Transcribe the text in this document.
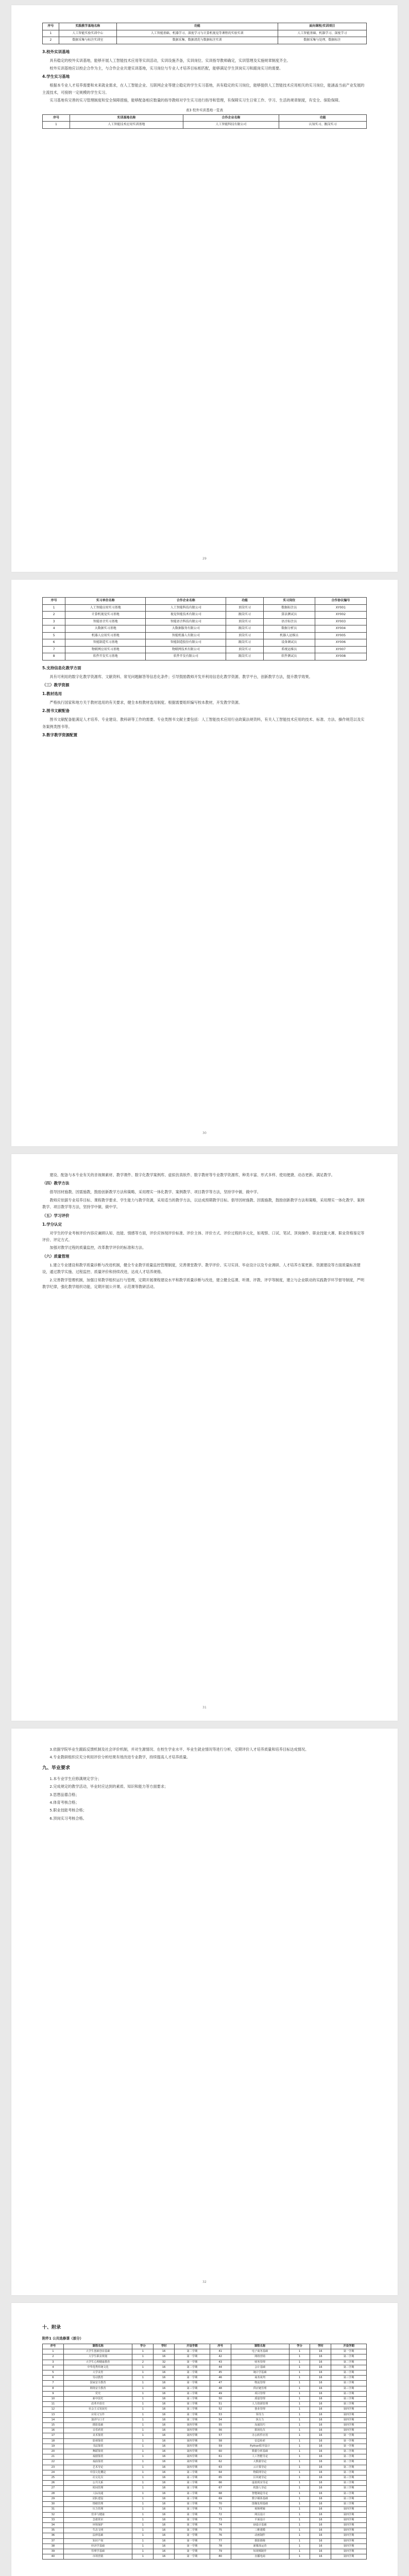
序号	实践教学基地名称	功能	面向课程/实训项目
1	人工智能实验实训中心	人工智能基础、机器学习、深度学习与计算机视觉等课程的实验实训	人工智能基础、机器学习、深度学习
2	数据采集与标注实训室	数据采集、数据清洗与数据标注实训	数据采集与处理、数据标注
3.校外实训基地

具有稳定的校外实训基地，能够开展人工智能技术应用等实训活动，实训设施齐备，实训岗位、实训指导教师确定，实训管理及实施规章制度齐全。

校外实训基地应以校企合作为主，与合作企业共建实训基地，实习岗位与专业人才培养目标相匹配，能够满足学生顶岗实习和跟岗实习的需要。

4.学生实习基地

根据本专业人才培养需要和未来就业需求，在人工智能企业、互联网企业等建立稳定的学生实习基地，具有稳定的实习岗位，能够提供人工智能技术应用相关的实习岗位，能涵盖当前产业发展的主流技术，可接纳一定规模的学生实习。

实习基地有完善的实习管理制度和安全保障措施，能够配备相应数量的指导教师对学生实习进行指导和管理，有保障实习生日常工作、学习、生活的规章制度，有安全、保险保障。

表3 校外实训基地一览表
序号	实训基地名称	合作企业名称	功能
1	人工智能技术应用实训基地	人工智能科技有限公司	认知实习、跟岗实习
29
序号	实习单位名称	合作企业名称	功能	实习岗位	合作协议编号
1	人工智能应用实习基地	人工智能科技有限公司	顶岗实习	数据标注员	XY001
2	计算机视觉实习基地	视觉智能技术有限公司	跟岗实习	算法测试员	XY002
3	智能语音实习基地	智能语音科技有限公司	顶岗实习	语音标注员	XY003
4	大数据实习基地	大数据服务有限公司	跟岗实习	数据分析员	XY004
5	机器人应用实习基地	智能机器人有限公司	顶岗实习	机器人运维员	XY005
6	智能制造实习基地	智能制造股份有限公司	跟岗实习	设备调试员	XY006
7	物联网应用实习基地	物联网技术有限公司	顶岗实习	系统运维员	XY007
8	软件开发实习基地	软件开发有限公司	跟岗实习	软件测试员	XY008
5.支持信息化教学方面

具有可利用的数字化教学资源库、文献资料、常见问题解答等信息化条件；引导鼓励教师开发并利用信息化教学资源、教学平台，创新教学方法，提升教学效果。

（三）教学资源
1.教材选用

严格执行国家和地方关于教材选用的有关要求，健全本校教材选用制度。根据需要组织编写校本教材，开发教学资源。

2.图书文献配备

图书文献配备能满足人才培养、专业建设、教科研等工作的需要。专业类图书文献主要包括：人工智能技术应用行业政策法规资料，有关人工智能技术应用的技术、标准、方法、操作规范以及实务案例类图书等。

3.数字教学资源配置
30

建设、配备与本专业有关的音视频素材、教学课件、数字化教学案例库、虚拟仿真软件、数字教材等专业教学资源库，种类丰富、形式多样、使用便捷、动态更新、满足教学。

（四）教学方法

倡导因材施教、因需施教，鼓励创新教学方法和策略，采用理实一体化教学、案例教学、项目教学等方法，坚持学中做、做中学。

教师应依据专业培养目标、课程教学要求、学生能力与教学资源，采用适当的教学方法，以达成预期教学目标。倡导因材施教、因需施教，鼓励创新教学方法和策略，采用理实一体化教学、案例教学、项目教学等方法，坚持学中做、做中学。

（五）学习评价
1.学分认定

对学生的学业考核评价内容应兼顾认知、技能、情感等方面，评价应体现评价标准、评价主体、评价方式、评价过程的多元化，如观察、口试、笔试、顶岗操作、职业技能大赛、职业资格鉴定等评价、评定方式。

加强对教学过程的质量监控，改革教学评价的标准和方法。

（六）质量管理

1.建立专业建设和教学质量诊断与改进机制，健全专业教学质量监控管理制度，完善课堂教学、教学评价、实习实训、毕业设计以及专业调研、人才培养方案更新、资源建设等方面质量标准建设，通过教学实施、过程监控、质量评价和持续改进，达成人才培养规格。

2.完善教学管理机制，加强日常教学组织运行与管理，定期开展课程建设水平和教学质量诊断与改进，建立健全巡课、听课、评教、评学等制度，建立与企业联动的实践教学环节督导制度，严明教学纪律，强化教学组织功能，定期开展公开课、示范课等教研活动。

31

3.依据学院毕业生跟踪反馈机制及社会评价机制，并对生源情况、在校生学业水平、毕业生就业情况等进行分析，定期评价人才培养质量和培养目标达成情况。

4.专业教研组织应充分利用评价分析结果有效改进专业教学，持续提高人才培养质量。

九、毕业要求

1.本专业学生应修满规定学分；

2.完成规定的教学活动，毕业时应达到的素质、知识和能力等方面要求；

3.思想品德合格；

4.体育考核合格；

5.职业技能考核合格；

6.顶岗实习考核合格。

32
十、附录
附件1 公共选修课（部分）
序号	课程名称	学分	学时	开设学期	序号	课程名称	学分	学时	开设学期
1	大学生创新创业基础	1	16	第二学期	41	电子商务基础	1	16	第一学期
2	大学生职业规划	1	16	第一学期	42	网络营销	1	16	第二学期
3	大学生心理健康教育	2	32	第一学期	43	财务管理	1	16	第二学期
4	中华优秀传统文化	1	16	第二学期	44	会计基础	1	16	第二学期
5	大学美育	1	16	第二学期	45	统计学基础	1	16	第二学期
6	劳动教育	1	16	第一学期	46	商务谈判	1	16	第三学期
7	国家安全教育	1	16	第一学期	47	物流管理	1	16	第三学期
8	网络安全教育	1	16	第三学期	48	供应链管理	1	16	第三学期
9	党史	1	16	第三学期	49	项目管理	1	16	第三学期
10	新中国史	1	16	第三学期	50	质量管理	1	16	第三学期
11	改革开放史	1	16	第三学期	51	人力资源管理	1	16	第三学期
12	社会主义发展史	1	16	第三学期	52	创业管理	1	16	第四学期
13	应用文写作	1	16	第二学期	53	领导力	1	16	第四学期
14	演讲与口才	1	16	第二学期	54	执行力	1	16	第四学期
15	摄影基础	1	16	第四学期	55	沟通技巧	1	16	第四学期
16	音乐欣赏	1	16	第四学期	56	职场礼仪	1	16	第四学期
17	美术鉴赏	1	16	第四学期	57	办公软件应用	1	16	第一学期
18	影视鉴赏	1	16	第四学期	58	信息检索	1	16	第一学期
19	书法鉴赏	1	16	第四学期	59	Python程序设计	1	16	第一学期
20	舞蹈鉴赏	1	16	第四学期	60	数据分析基础	1	16	第二学期
21	戏剧鉴赏	1	16	第四学期	61	人工智能导论	1	16	第二学期
22	戏曲鉴赏	1	16	第四学期	62	大数据导论	1	16	第二学期
23	艺术导论	1	16	第四学期	63	云计算导论	1	16	第二学期
24	中国文化概论	1	16	第三学期	64	物联网导论	1	16	第二学期
25	社交礼仪	1	16	第三学期	65	区块链导论	1	16	第三学期
26	公共关系	1	16	第三学期	66	虚拟现实导论	1	16	第三学期
27	时间管理	1	16	第三学期	67	机器人导论	1	16	第三学期
28	人际沟通	1	16	第三学期	68	智能制造导论	1	16	第三学期
29	团队建设	1	16	第三学期	69	数字媒体基础	1	16	第三学期
30	情绪管理	1	16	第三学期	70	图像处理基础	1	16	第三学期
31	压力管理	1	16	第三学期	71	视频剪辑	1	16	第四学期
32	营养与健康	1	16	第二学期	72	网页设计	1	16	第四学期
33	急救常识	1	16	第二学期	73	平面设计	1	16	第四学期
34	环境保护	1	16	第二学期	74	UI设计基础	1	16	第四学期
35	生态文明	1	16	第二学期	75	三维建模	1	16	第四学期
36	法律基础	1	16	第一学期	76	动画制作	1	16	第四学期
37	知识产权	1	16	第一学期	77	摄影摄像	1	16	第四学期
38	经济学基础	1	16	第一学期	78	新媒体运营	1	16	第四学期
39	管理学基础	1	16	第一学期	79	短视频制作	1	16	第四学期
40	市场营销	1	16	第一学期	80	直播电商	1	16	第四学期
